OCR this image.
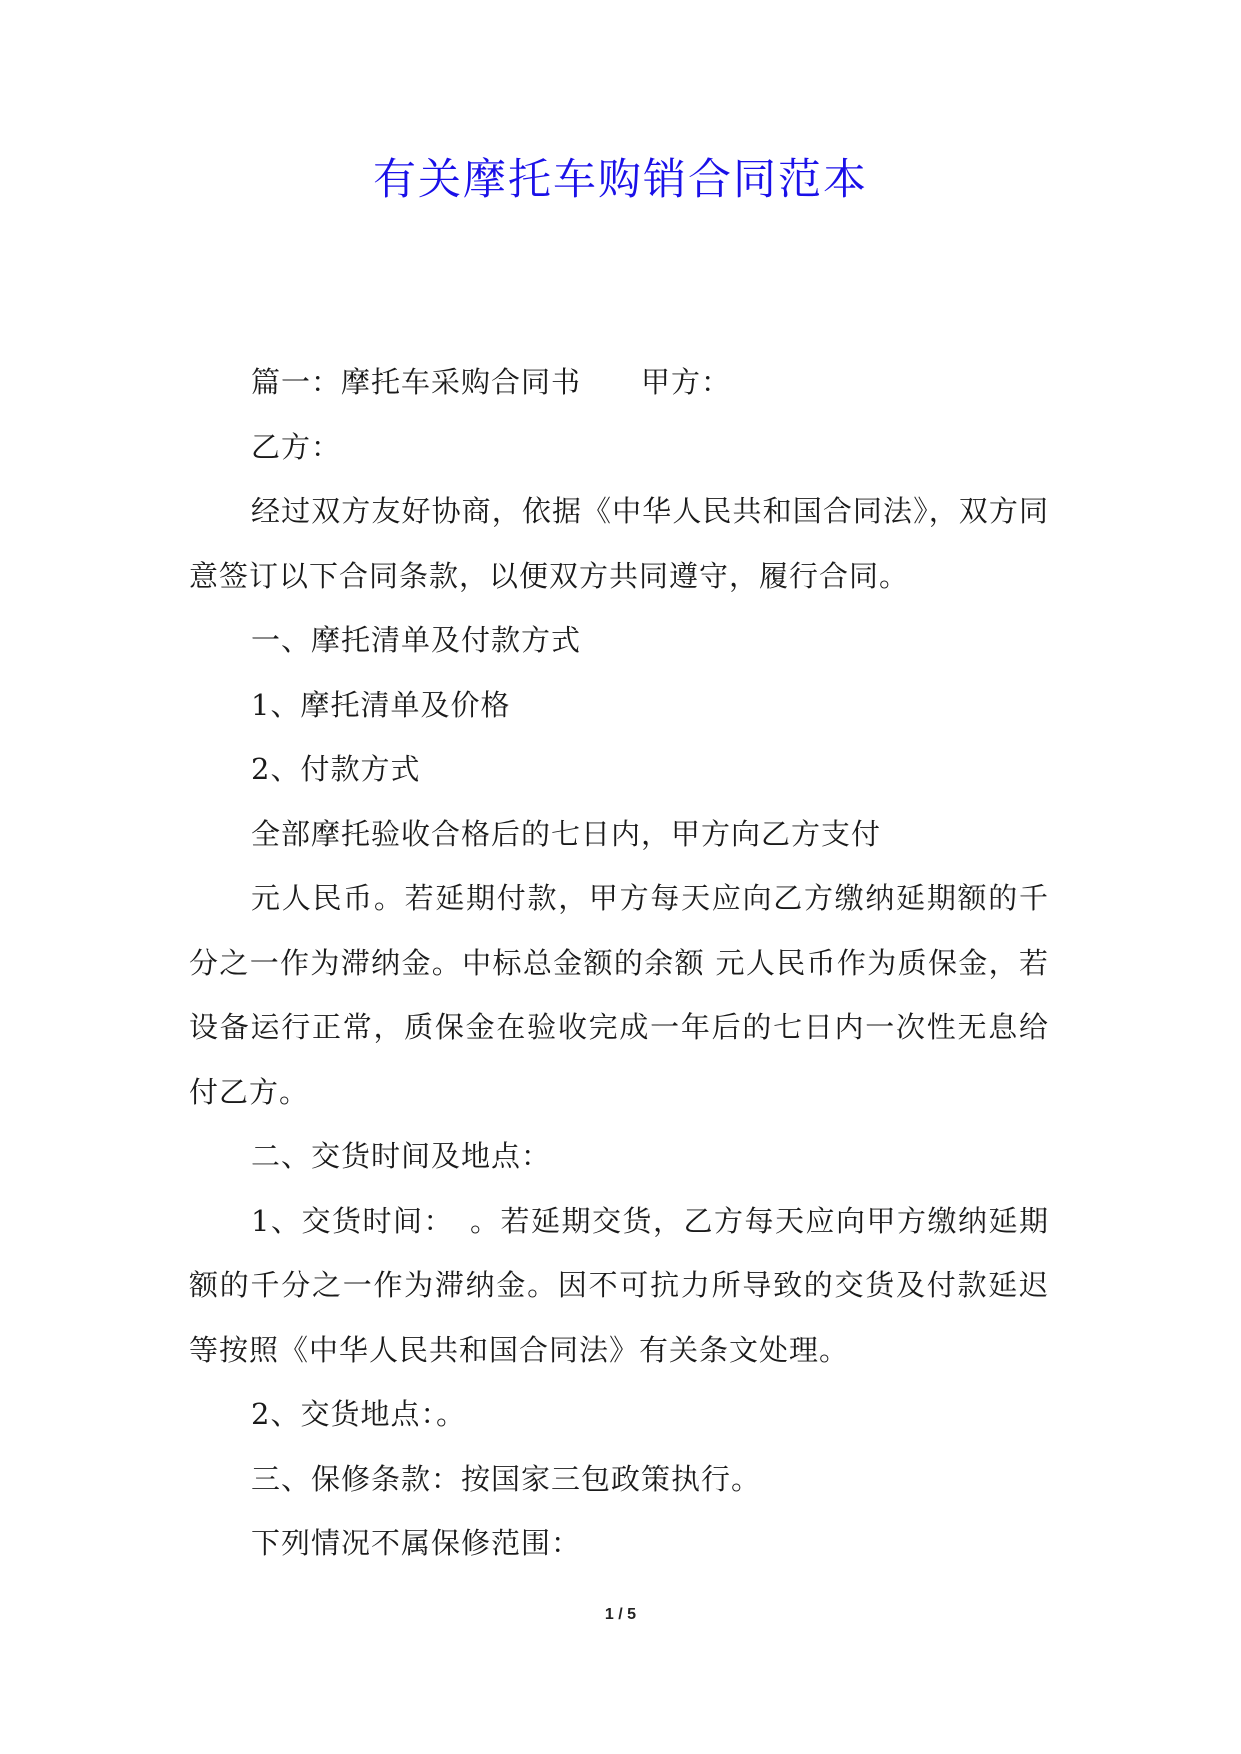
有关摩托车购销合同范本

篇一：摩托车采购合同书　　甲方：

乙方：

经过双方友好协商，依据《中华人民共和国合同法》，双方同意签订以下合同条款，以便双方共同遵守，履行合同。

一、摩托清单及付款方式

1、摩托清单及价格

2、付款方式

全部摩托验收合格后的七日内，甲方向乙方支付

元人民币。若延期付款，甲方每天应向乙方缴纳延期额的千分之一作为滞纳金。中标总金额的余额 元人民币作为质保金，若设备运行正常，质保金在验收完成一年后的七日内一次性无息给付乙方。

二、交货时间及地点：

1、交货时间：　。若延期交货，乙方每天应向甲方缴纳延期额的千分之一作为滞纳金。因不可抗力所导致的交货及付款延迟等按照《中华人民共和国合同法》有关条文处理。

2、交货地点：。

三、保修条款：按国家三包政策执行。

下列情况不属保修范围：

1 / 5
